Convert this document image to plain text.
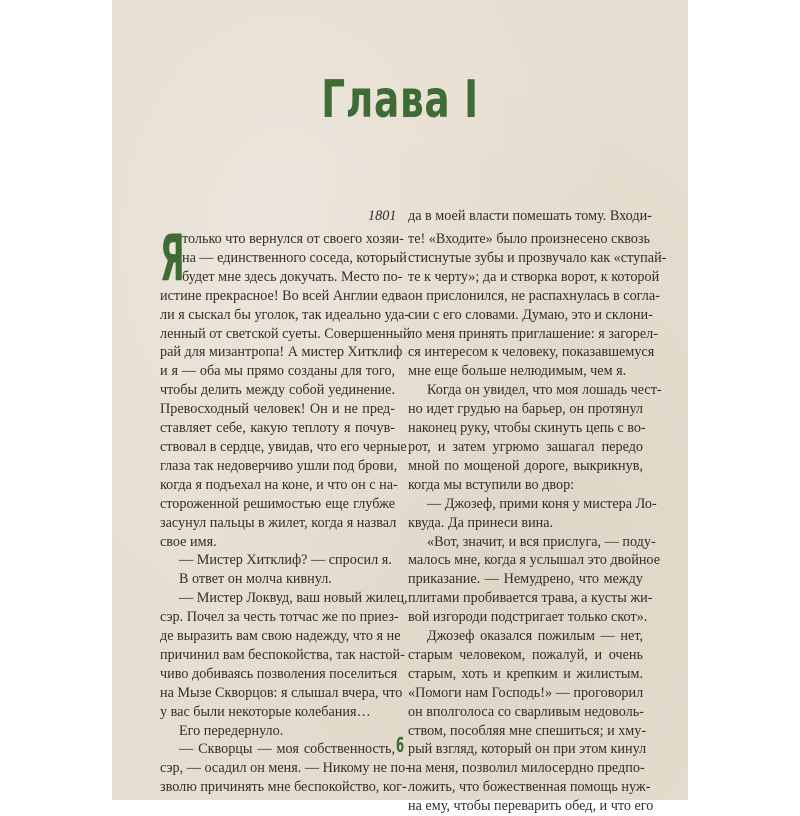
Глава I
1801 да в моей власти помешать тому. Входи-
Я
только что вернулся от своего хозяи-
на — единственного соседа, который
будет мне здесь докучать. Место по-
истине прекрасное! Во всей Англии едва
ли я сыскал бы уголок, так идеально уда-
ленный от светской суеты. Совершенный
рай для мизантропа! А мистер Хитклиф
и я — оба мы прямо созданы для того,
чтобы делить между собой уединение.
Превосходный человек! Он и не пред-
ставляет себе, какую теплоту я почув-
ствовал в сердце, увидав, что его черные
глаза так недоверчиво ушли под брови,
когда я подъехал на коне, и что он с на-
стороженной решимостью еще глубже
засунул пальцы в жилет, когда я назвал
свое имя.
— Мистер Хитклиф? — спросил я.
В ответ он молча кивнул.
— Мистер Локвуд, ваш новый жилец,
сэр. Почел за честь тотчас же по приез-
де выразить вам свою надежду, что я не
причинил вам беспокойства, так настой-
чиво добиваясь позволения поселиться
на Мызе Скворцов: я слышал вчера, что
у вас были некоторые колебания…
Его передернуло.
— Скворцы — моя собственность,
сэр, — осадил он меня. — Никому не по-
зволю причинять мне беспокойство, ког-
те! «Входите» было произнесено сквозь
стиснутые зубы и прозвучало как «ступай-
те к черту»; да и створка ворот, к которой
он прислонился, не распахнулась в согла-
сии с его словами. Думаю, это и склони-
ло меня принять приглашение: я загорел-
ся интересом к человеку, показавшемуся
мне еще больше нелюдимым, чем я.
Когда он увидел, что моя лошадь чест-
но идет грудью на барьер, он протянул
наконец руку, чтобы скинуть цепь с во-
рот, и затем угрюмо зашагал передо
мной по мощеной дороге, выкрикнув,
когда мы вступили во двор:
— Джозеф, прими коня у мистера Ло-
квуда. Да принеси вина.
«Вот, значит, и вся прислуга, — поду-
малось мне, когда я услышал это двойное
приказание. — Немудрено, что между
плитами пробивается трава, а кусты жи-
вой изгороди подстригает только скот».
Джозеф оказался пожилым — нет,
старым человеком, пожалуй, и очень
старым, хоть и крепким и жилистым.
«Помоги нам Господь!» — проговорил
он вполголоса со сварливым недоволь-
ством, пособляя мне спешиться; и хму-
рый взгляд, который он при этом кинул
на меня, позволил милосердно предпо-
ложить, что божественная помощь нуж-
на ему, чтобы переварить обед, и что его
6
